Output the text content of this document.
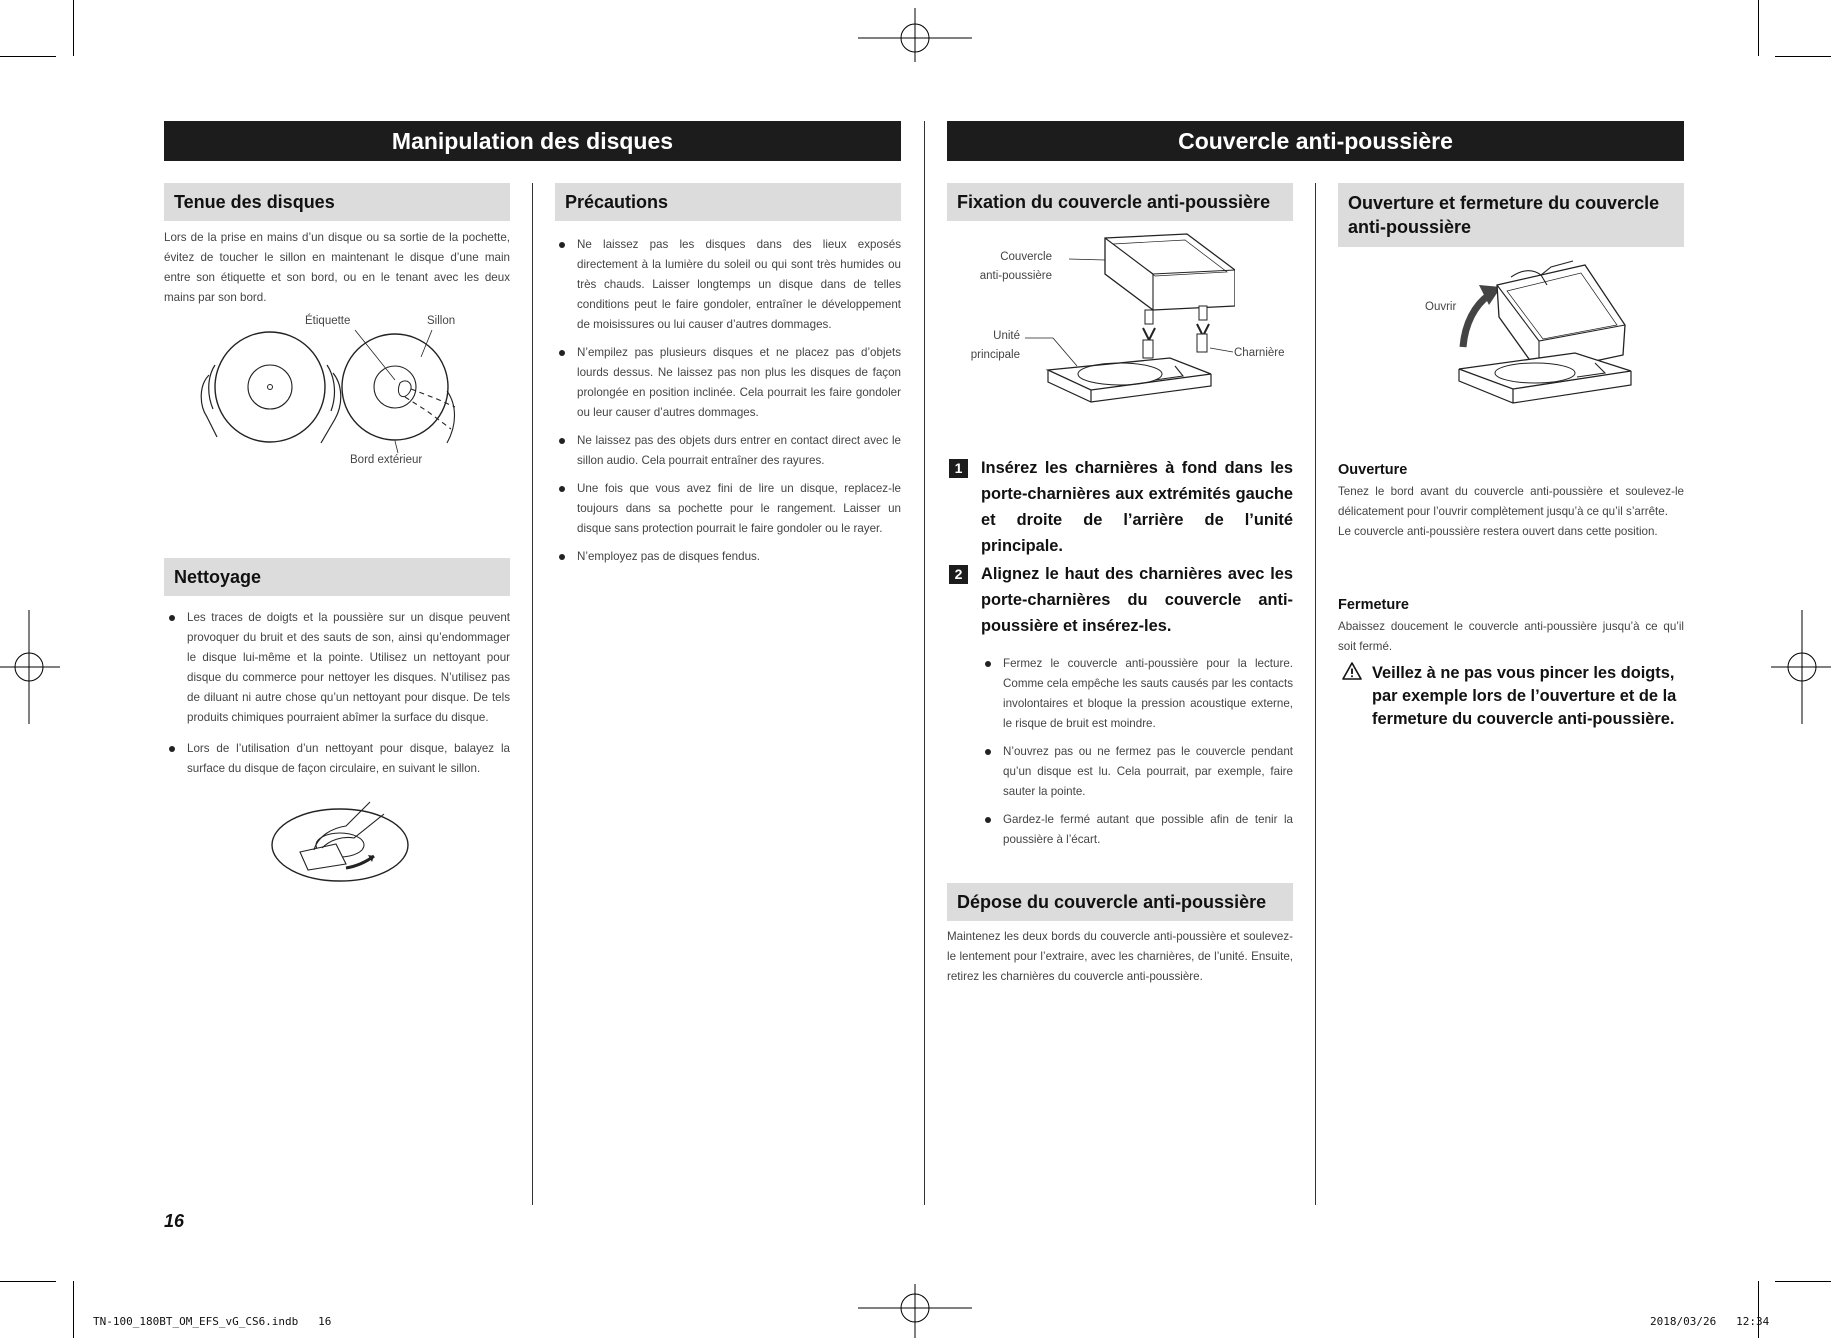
Manipulation des disques	Couvercle anti-poussière
Tenue des disques

Lors de la prise en mains d’un disque ou sa sortie de la pochette, évitez de toucher le sillon en maintenant le disque d’une main entre son étiquette et son bord, ou en le tenant avec les deux mains par son bord.

Étiquette	Sillon
Bord extérieur
Nettoyage
Les traces de doigts et la poussière sur un disque peuvent provoquer du bruit et des sauts de son, ainsi qu’endommager le disque lui-même et la pointe. Utilisez un nettoyant pour disque du commerce pour nettoyer les disques. N’utilisez pas de diluant ni autre chose qu’un nettoyant pour disque. De tels produits chimiques pourraient abîmer la surface du disque.
Lors de l’utilisation d’un nettoyant pour disque, balayez la surface du disque de façon circulaire, en suivant le sillon.
Précautions
Ne laissez pas les disques dans des lieux exposés directement à la lumière du soleil ou qui sont très humides ou très chauds. Laisser longtemps un disque dans de telles conditions peut le faire gondoler, entraîner le développement de moisissures ou lui causer d’autres dommages.
N’empilez pas plusieurs disques et ne placez pas d’objets lourds dessus. Ne laissez pas non plus les disques de façon prolongée en position inclinée. Cela pourrait les faire gondoler ou leur causer d’autres dommages.
Ne laissez pas des objets durs entrer en contact direct avec le sillon audio. Cela pourrait entraîner des rayures.
Une fois que vous avez fini de lire un disque, replacez-le toujours dans sa pochette pour le rangement. Laisser un disque sans protection pourrait le faire gondoler ou le rayer.
N’employez pas de disques fendus.
Fixation du couvercle anti-poussière
Couvercle
anti-poussière
Unité
principale	Charnière
1	Insérez les charnières à fond dans les porte-charnières aux extrémités gauche et droite de l’arrière de l’unité principale.
2	Alignez le haut des charnières avec les porte-charnières du couvercle anti-poussière et insérez-les.
Fermez le couvercle anti-poussière pour la lecture. Comme cela empêche les sauts causés par les contacts involontaires et bloque la pression acoustique externe, le risque de bruit est moindre.
N’ouvrez pas ou ne fermez pas le couvercle pendant qu’un disque est lu. Cela pourrait, par exemple, faire sauter la pointe.
Gardez-le fermé autant que possible afin de tenir la poussière à l’écart.
Dépose du couvercle anti-poussière

Maintenez les deux bords du couvercle anti-poussière et soulevez-le lentement pour l’extraire, avec les charnières, de l’unité. Ensuite, retirez les charnières du couvercle anti-poussière.

Ouverture et fermeture du couvercle anti-poussière
Ouvrir
Ouverture

Tenez le bord avant du couvercle anti-poussière et soulevez-le délicatement pour l’ouvrir complètement jusqu’à ce qu’il s’arrête.
Le couvercle anti-poussière restera ouvert dans cette position.

Fermeture

Abaissez doucement le couvercle anti-poussière jusqu’à ce qu’il soit fermé.

Veillez à ne pas vous pincer les doigts, par exemple lors de l’ouverture et de la fermeture du couvercle anti-poussière.
16
TN-100_180BT_OM_EFS_vG_CS6.indb   16	2018/03/26   12:34
